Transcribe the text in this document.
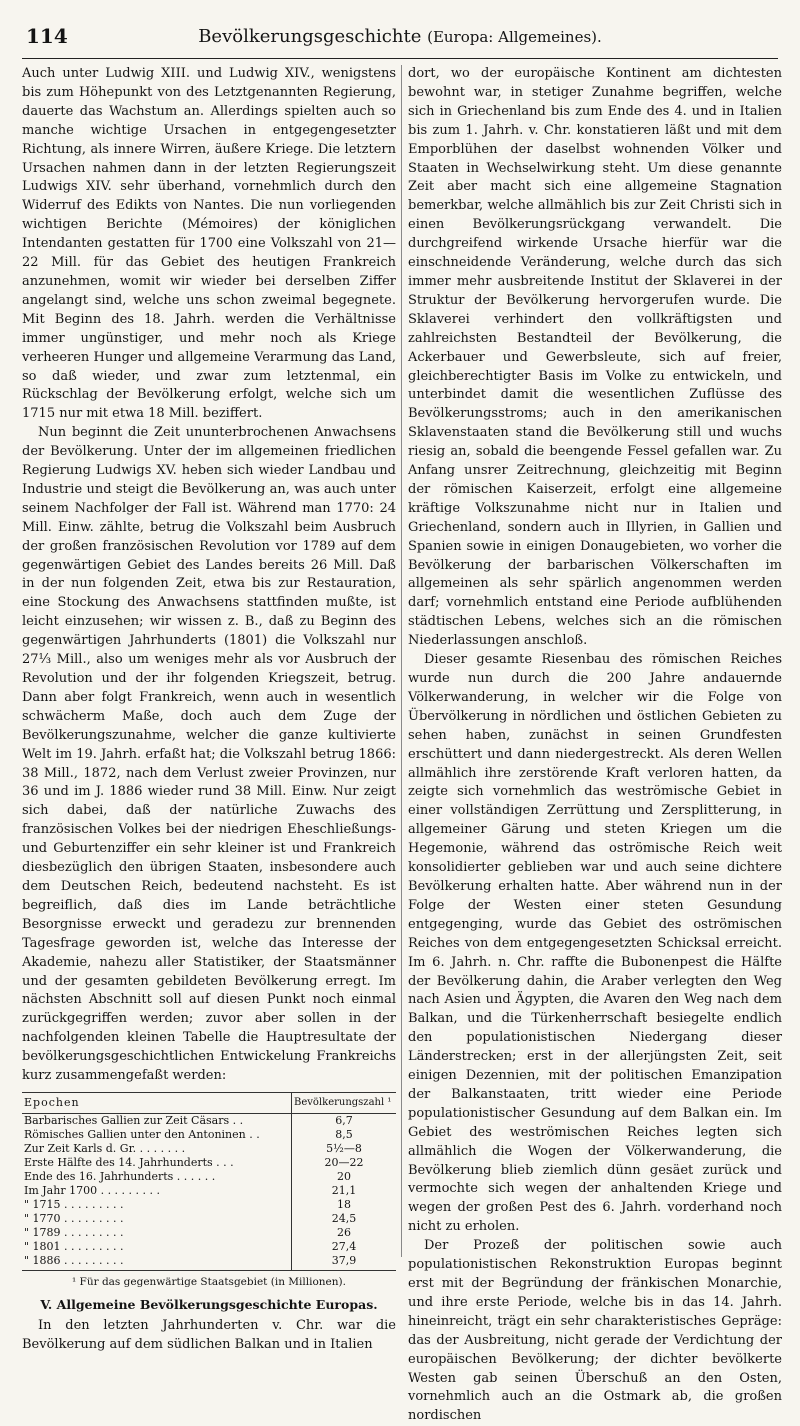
114	Bevölkerungsgeschichte (Europa: Allgemeines).

Auch unter Ludwig XIII. und Ludwig XIV., wenigstens bis zum Höhepunkt von des Letztgenannten Regierung, dauerte das Wachstum an. Allerdings spielten auch so manche wichtige Ursachen in entgegengesetzter Richtung, als innere Wirren, äußere Kriege. Die letztern Ursachen nahmen dann in der letzten Regierungszeit Ludwigs XIV. sehr überhand, vornehmlich durch den Widerruf des Edikts von Nantes. Die nun vorliegenden wichtigen Berichte (Mémoires) der königlichen Intendanten gestatten für 1700 eine Volkszahl von 21—22 Mill. für das Gebiet des heutigen Frankreich anzunehmen, womit wir wieder bei derselben Ziffer angelangt sind, welche uns schon zweimal begegnete. Mit Beginn des 18. Jahrh. werden die Verhältnisse immer ungünstiger, und mehr noch als Kriege verheeren Hunger und allgemeine Verarmung das Land, so daß wieder, und zwar zum letztenmal, ein Rückschlag der Bevölkerung erfolgt, welche sich um 1715 nur mit etwa 18 Mill. beziffert.

Nun beginnt die Zeit ununterbrochenen Anwachsens der Bevölkerung. Unter der im allgemeinen friedlichen Regierung Ludwigs XV. heben sich wieder Landbau und Industrie und steigt die Bevölkerung an, was auch unter seinem Nachfolger der Fall ist. Während man 1770: 24 Mill. Einw. zählte, betrug die Volkszahl beim Ausbruch der großen französischen Revolution vor 1789 auf dem gegenwärtigen Gebiet des Landes bereits 26 Mill. Daß in der nun folgenden Zeit, etwa bis zur Restauration, eine Stockung des Anwachsens stattfinden mußte, ist leicht einzusehen; wir wissen z. B., daß zu Beginn des gegenwärtigen Jahrhunderts (1801) die Volkszahl nur 27⅓ Mill., also um weniges mehr als vor Ausbruch der Revolution und der ihr folgenden Kriegszeit, betrug. Dann aber folgt Frankreich, wenn auch in wesentlich schwächerm Maße, doch auch dem Zuge der Bevölkerungszunahme, welcher die ganze kultivierte Welt im 19. Jahrh. erfaßt hat; die Volkszahl betrug 1866: 38 Mill., 1872, nach dem Verlust zweier Provinzen, nur 36 und im J. 1886 wieder rund 38 Mill. Einw. Nur zeigt sich dabei, daß der natürliche Zuwachs des französischen Volkes bei der niedrigen Eheschließungs- und Geburtenziffer ein sehr kleiner ist und Frankreich diesbezüglich den übrigen Staaten, insbesondere auch dem Deutschen Reich, bedeutend nachsteht. Es ist begreiflich, daß dies im Lande beträchtliche Besorgnisse erweckt und geradezu zur brennenden Tagesfrage geworden ist, welche das Interesse der Akademie, nahezu aller Statistiker, der Staatsmänner und der gesamten gebildeten Bevölkerung erregt. Im nächsten Abschnitt soll auf diesen Punkt noch einmal zurückgegriffen werden; zuvor aber sollen in der nachfolgenden kleinen Tabelle die Hauptresultate der bevölkerungsgeschichtlichen Entwickelung Frankreichs kurz zusammengefaßt werden:

Epochen	Bevölkerungszahl ¹
Barbarisches Gallien zur Zeit Cäsars . .	6,7
Römisches Gallien unter den Antoninen . .	8,5
Zur Zeit Karls d. Gr. . . . . . . .	5½—8
Erste Hälfte des 14. Jahrhunderts . . .	20—22
Ende des 16. Jahrhunderts . . . . . .	20
Im Jahr 1700 . . . . . . . . .	21,1
" 1715 . . . . . . . . .	18
" 1770 . . . . . . . . .	24,5
" 1789 . . . . . . . . .	26
" 1801 . . . . . . . . .	27,4
" 1886 . . . . . . . . .	37,9
¹ Für das gegenwärtige Staatsgebiet (in Millionen).
V. Allgemeine Bevölkerungsgeschichte Europas.

In den letzten Jahrhunderten v. Chr. war die Bevölkerung auf dem südlichen Balkan und in Italien

dort, wo der europäische Kontinent am dichtesten bewohnt war, in stetiger Zunahme begriffen, welche sich in Griechenland bis zum Ende des 4. und in Italien bis zum 1. Jahrh. v. Chr. konstatieren läßt und mit dem Emporblühen der daselbst wohnenden Völker und Staaten in Wechselwirkung steht. Um diese genannte Zeit aber macht sich eine allgemeine Stagnation bemerkbar, welche allmählich bis zur Zeit Christi sich in einen Bevölkerungsrückgang verwandelt. Die durchgreifend wirkende Ursache hierfür war die einschneidende Veränderung, welche durch das sich immer mehr ausbreitende Institut der Sklaverei in der Struktur der Bevölkerung hervorgerufen wurde. Die Sklaverei verhindert den vollkräftigsten und zahlreichsten Bestandteil der Bevölkerung, die Ackerbauer und Gewerbsleute, sich auf freier, gleichberechtigter Basis im Volke zu entwickeln, und unterbindet damit die wesentlichen Zuflüsse des Bevölkerungsstroms; auch in den amerikanischen Sklavenstaaten stand die Bevölkerung still und wuchs riesig an, sobald die beengende Fessel gefallen war. Zu Anfang unsrer Zeitrechnung, gleichzeitig mit Beginn der römischen Kaiserzeit, erfolgt eine allgemeine kräftige Volkszunahme nicht nur in Italien und Griechenland, sondern auch in Illyrien, in Gallien und Spanien sowie in einigen Donaugebieten, wo vorher die Bevölkerung der barbarischen Völkerschaften im allgemeinen als sehr spärlich angenommen werden darf; vornehmlich entstand eine Periode aufblühenden städtischen Lebens, welches sich an die römischen Niederlassungen anschloß.

Dieser gesamte Riesenbau des römischen Reiches wurde nun durch die 200 Jahre andauernde Völkerwanderung, in welcher wir die Folge von Übervölkerung in nördlichen und östlichen Gebieten zu sehen haben, zunächst in seinen Grundfesten erschüttert und dann niedergestreckt. Als deren Wellen allmählich ihre zerstörende Kraft verloren hatten, da zeigte sich vornehmlich das weströmische Gebiet in einer vollständigen Zerrüttung und Zersplitterung, in allgemeiner Gärung und steten Kriegen um die Hegemonie, während das oströmische Reich weit konsolidierter geblieben war und auch seine dichtere Bevölkerung erhalten hatte. Aber während nun in der Folge der Westen einer steten Gesundung entgegenging, wurde das Gebiet des oströmischen Reiches von dem entgegengesetzten Schicksal erreicht. Im 6. Jahrh. n. Chr. raffte die Bubonenpest die Hälfte der Bevölkerung dahin, die Araber verlegten den Weg nach Asien und Ägypten, die Avaren den Weg nach dem Balkan, und die Türkenherrschaft besiegelte endlich den populationistischen Niedergang dieser Länderstrecken; erst in der allerjüngsten Zeit, seit einigen Dezennien, mit der politischen Emanzipation der Balkanstaaten, tritt wieder eine Periode populationistischer Gesundung auf dem Balkan ein. Im Gebiet des weströmischen Reiches legten sich allmählich die Wogen der Völkerwanderung, die Bevölkerung blieb ziemlich dünn gesäet zurück und vermochte sich wegen der anhaltenden Kriege und wegen der großen Pest des 6. Jahrh. vorderhand noch nicht zu erholen.

Der Prozeß der politischen sowie auch populationistischen Rekonstruktion Europas beginnt erst mit der Begründung der fränkischen Monarchie, und ihre erste Periode, welche bis in das 14. Jahrh. hineinreicht, trägt ein sehr charakteristisches Gepräge: das der Ausbreitung, nicht gerade der Verdichtung der europäischen Bevölkerung; der dichter bevölkerte Westen gab seinen Überschuß an den Osten, vornehmlich auch an die Ostmark ab, die großen nordischen
